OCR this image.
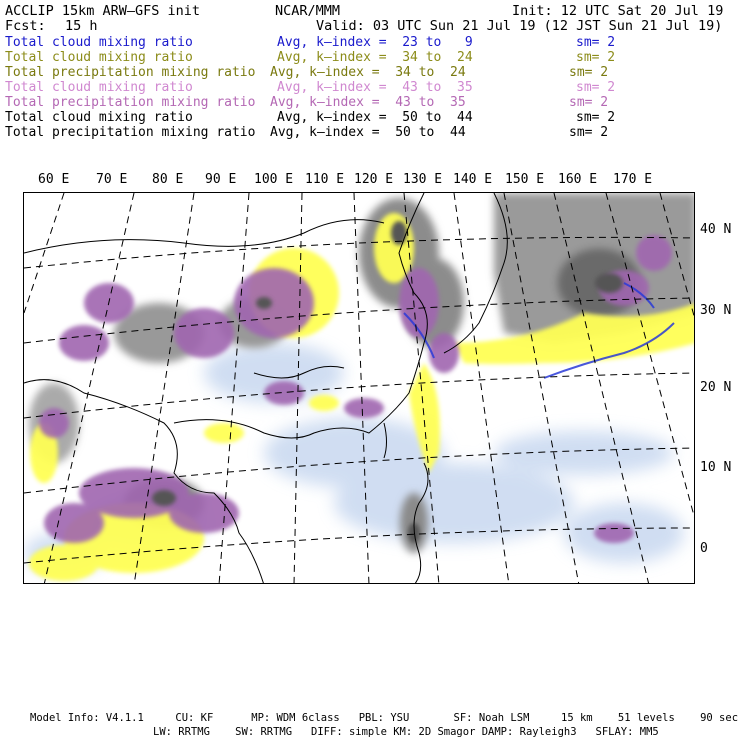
ACCLIP 15km ARW–GFS init	NCAR/MMM	Init: 12 UTC Sat 20 Jul 19
Fcst: 15 h	Valid: 03 UTC Sun 21 Jul 19 (12 JST Sun 21 Jul 19)
Total cloud mixing ratio	Avg, k–index =  23 to   9	sm= 2
Total cloud mixing ratio	Avg, k–index =  34 to  24	sm= 2
Total precipitation mixing ratio Avg, k–index =  34 to  24	sm= 2
Total cloud mixing ratio	Avg, k–index =  43 to  35	sm= 2
Total precipitation mixing ratio Avg, k–index =  43 to  35	sm= 2
Total cloud mixing ratio	Avg, k–index =  50 to  44	sm= 2
Total precipitation mixing ratio Avg, k–index =  50 to  44	sm= 2
60 E 70 E 80 E 90 E 100 E 110 E 120 E 130 E 140 E 150 E 160 E 170 E
40 N
30 N
20 N
10 N
0
Model Info: V4.1.1     CU: KF      MP: WDM 6class   PBL: YSU       SF: Noah LSM     15 km    51 levels    90 sec
LW: RRTMG    SW: RRTMG   DIFF: simple KM: 2D Smagor DAMP: Rayleigh3   SFLAY: MM5
